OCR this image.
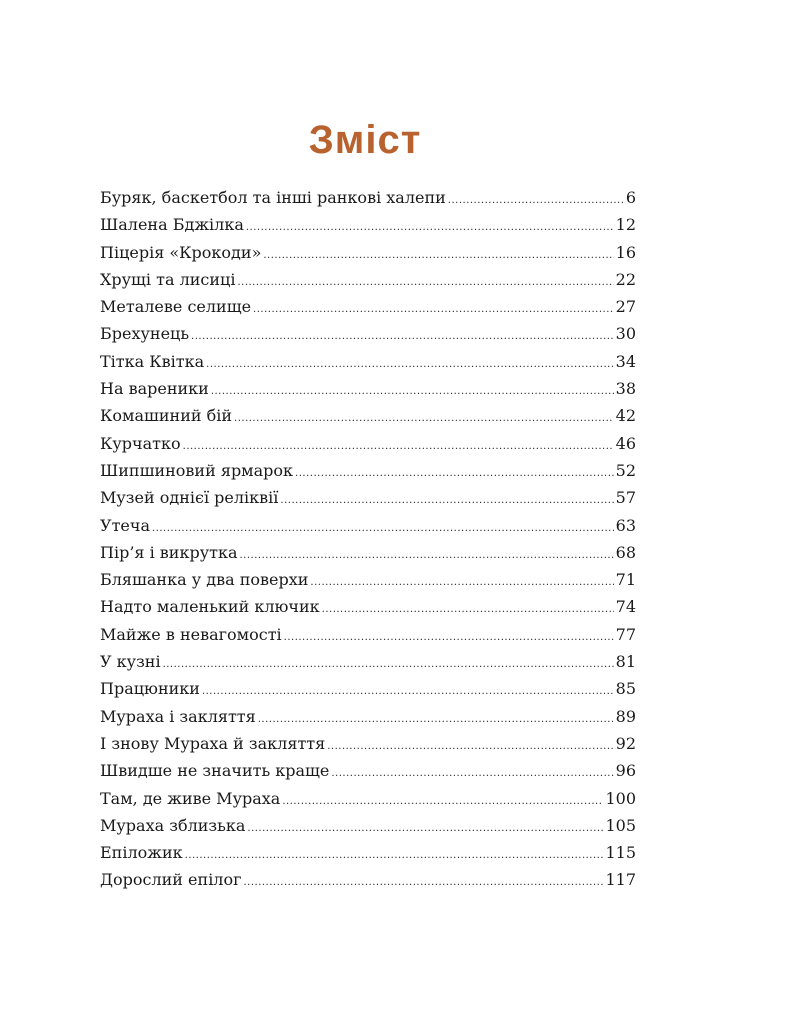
Зміст
Буряк, баскетбол та інші ранкові халепи .....	6
Шалена Бджілка .....	12
Піцерія «Крокоди» .....	16
Хрущі та лисиці .....	22
Металеве селище .....	27
Брехунець .....	30
Тітка Квітка .....	34
На вареники .....	38
Комашиний бій .....	42
Курчатко .....	46
Шипшиновий ярмарок .....	52
Музей однієї реліквії .....	57
Утеча .....	63
Пір’я і викрутка .....	68
Бляшанка у два поверхи .....	71
Надто маленький ключик .....	74
Майже в невагомості .....	77
У кузні .....	81
Працюники .....	85
Мураха і закляття .....	89
І знову Мураха й закляття .....	92
Швидше не значить краще .....	96
Там, де живе Мураха .....	100
Мураха зблизька .....	105
Епіложик .....	115
Дорослий епілог .....	117
